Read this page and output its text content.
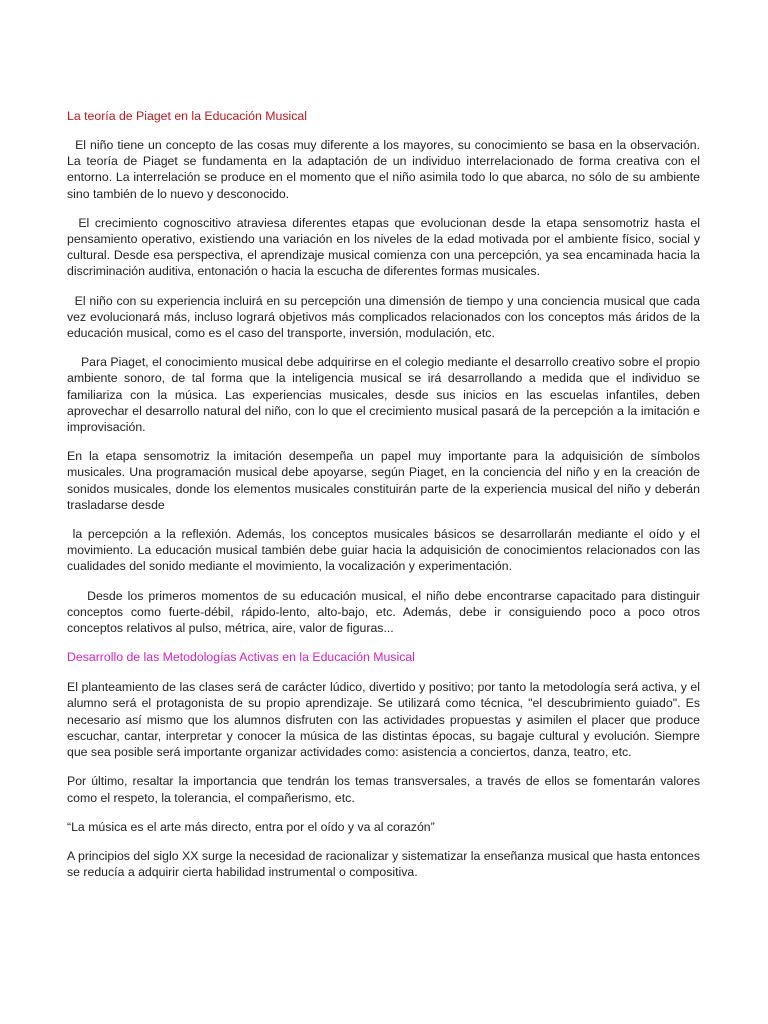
La teoría de Piaget en la Educación Musical

El niño tiene un concepto de las cosas muy diferente a los mayores, su conocimiento se basa en la observación. La teoría de Piaget se fundamenta en la adaptación de un individuo interrelacionado de forma creativa con el entorno. La interrelación se produce en el momento que el niño asimila todo lo que abarca, no sólo de su ambiente sino también de lo nuevo y desconocido.

El crecimiento cognoscitivo atraviesa diferentes etapas que evolucionan desde la etapa sensomotriz hasta el pensamiento operativo, existiendo una variación en los niveles de la edad motivada por el ambiente físico, social y cultural. Desde esa perspectiva, el aprendizaje musical comienza con una percepción, ya sea encaminada hacia la discriminación auditiva, entonación o hacia la escucha de diferentes formas musicales.

El niño con su experiencia incluirá en su percepción una dimensión de tiempo y una conciencia musical que cada vez evolucionará más, incluso logrará objetivos más complicados relacionados con los conceptos más áridos de la educación musical, como es el caso del transporte, inversión, modulación, etc.

Para Piaget, el conocimiento musical debe adquirirse en el colegio mediante el desarrollo creativo sobre el propio ambiente sonoro, de tal forma que la inteligencia musical se irá desarrollando a medida que el individuo se familiariza con la música. Las experiencias musicales, desde sus inicios en las escuelas infantiles, deben aprovechar el desarrollo natural del niño, con lo que el crecimiento musical pasará de la percepción a la imitación e improvisación.

En la etapa sensomotriz la imitación desempeña un papel muy importante para la adquisición de símbolos musicales. Una programación musical debe apoyarse, según Piaget, en la conciencia del niño y en la creación de sonidos musicales, donde los elementos musicales constituirán parte de la experiencia musical del niño y deberán trasladarse desde

la percepción a la reflexión. Además, los conceptos musicales básicos se desarrollarán mediante el oído y el movimiento. La educación musical también debe guiar hacia la adquisición de conocimientos relacionados con las cualidades del sonido mediante el movimiento, la vocalización y experimentación.

Desde los primeros momentos de su educación musical, el niño debe encontrarse capacitado para distinguir conceptos como fuerte-débil, rápido-lento, alto-bajo, etc. Además, debe ir consiguiendo poco a poco otros conceptos relativos al pulso, métrica, aire, valor de figuras...

Desarrollo de las Metodologías Activas en la Educación Musical

El planteamiento de las clases será de carácter lúdico, divertido y positivo; por tanto la metodología será activa, y el alumno será el protagonista de su propio aprendizaje. Se utilizará como técnica, "el descubrimiento guiado". Es necesario así mismo que los alumnos disfruten con las actividades propuestas y asimilen el placer que produce escuchar, cantar, interpretar y conocer la música de las distintas épocas, su bagaje cultural y evolución. Siempre que sea posible será importante organizar actividades como: asistencia a conciertos, danza, teatro, etc.

Por último, resaltar la importancia que tendrán los temas transversales, a través de ellos se fomentarán valores como el respeto, la tolerancia, el compañerismo, etc.

“La música es el arte más directo, entra por el oído y va al corazón”

A principios del siglo XX surge la necesidad de racionalizar y sistematizar la enseñanza musical que hasta entonces se reducía a adquirir cierta habilidad instrumental o compositiva.
